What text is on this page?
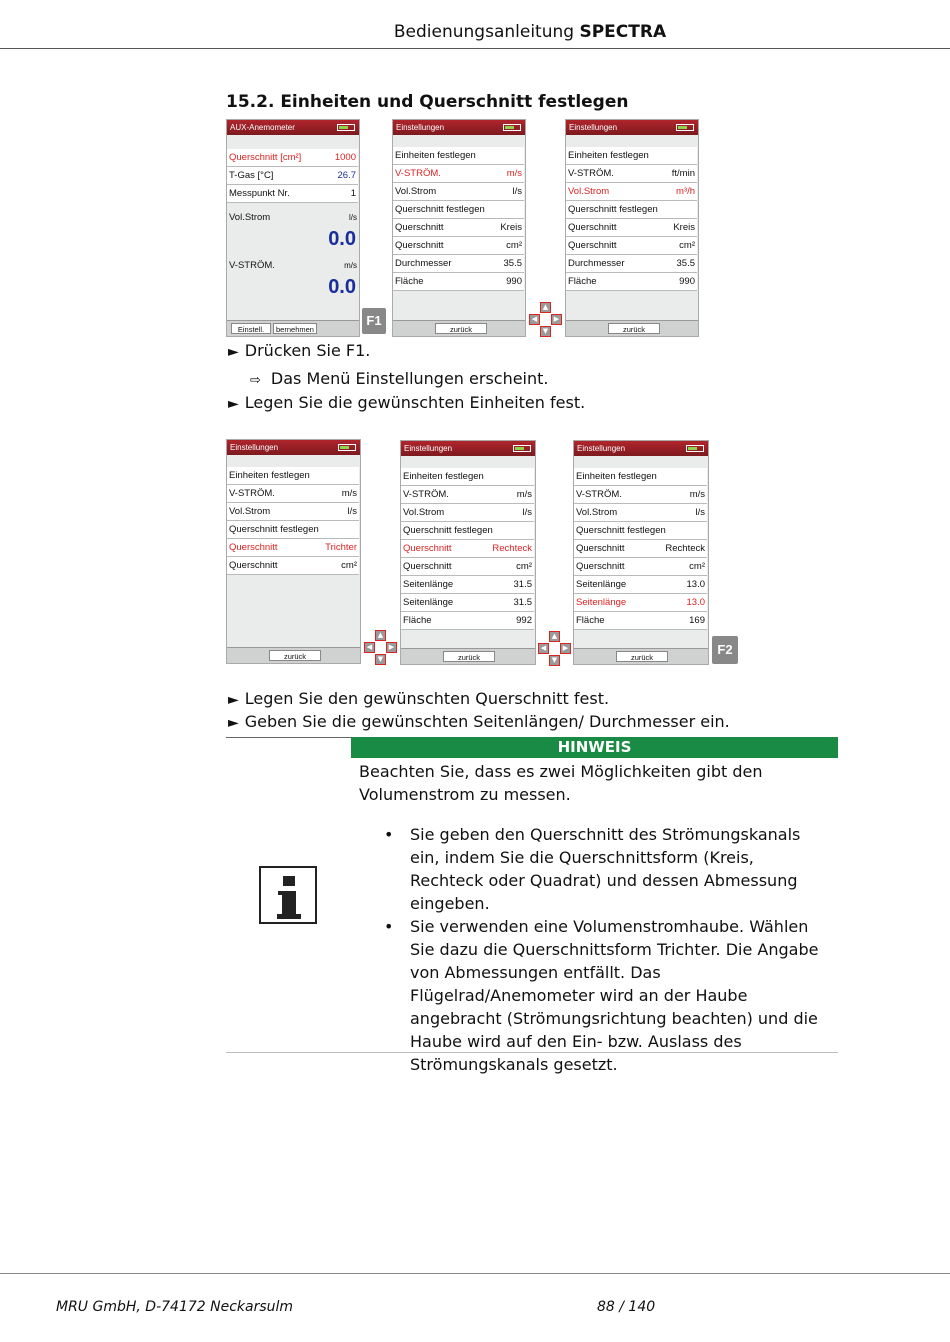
Bedienungsanleitung SPECTRA
15.2. Einheiten und Querschnitt festlegen
AUX-Anemometer
Querschnitt [cm²]	1000
T-Gas [°C]	26.7
Messpunkt Nr.	1
Vol.Strom	l/s
0.0
V-STRÖM.	m/s
0.0
Einstell.	bernehmen
F1
Einstellungen
Einheiten festlegen
V-STRÖM.	m/s
Vol.Strom	l/s
Querschnitt festlegen
Querschnitt	Kreis
Querschnitt	cm²
Durchmesser	35.5
Fläche	990
zurück
▲
◀	▶
▼
Einstellungen
Einheiten festlegen
V-STRÖM.	ft/min
Vol.Strom	m³/h
Querschnitt festlegen
Querschnitt	Kreis
Querschnitt	cm²
Durchmesser	35.5
Fläche	990
zurück
► Drücken Sie F1.
⇨ Das Menü Einstellungen erscheint.
► Legen Sie die gewünschten Einheiten fest.
Einstellungen
Einheiten festlegen
V-STRÖM.	m/s
Vol.Strom	l/s
Querschnitt festlegen
Querschnitt	Trichter
Querschnitt	cm²
zurück
▲
◀	▶
▼
Einstellungen
Einheiten festlegen
V-STRÖM.	m/s
Vol.Strom	l/s
Querschnitt festlegen
Querschnitt	Rechteck
Querschnitt	cm²
Seitenlänge	31.5
Seitenlänge	31.5
Fläche	992
zurück
▲
◀	▶
▼
Einstellungen
Einheiten festlegen
V-STRÖM.	m/s
Vol.Strom	l/s
Querschnitt festlegen
Querschnitt	Rechteck
Querschnitt	cm²
Seitenlänge	13.0
Seitenlänge	13.0
Fläche	169
zurück
F2
► Legen Sie den gewünschten Querschnitt fest.
► Geben Sie die gewünschten Seitenlängen/ Durchmesser ein.
HINWEIS
Beachten Sie, dass es zwei Möglichkeiten gibt den Volumenstrom zu messen.
• Sie geben den Querschnitt des Strömungskanals ein, indem Sie die Querschnittsform (Kreis, Rechteck oder Quadrat) und dessen Abmessung eingeben.
• Sie verwenden eine Volumenstromhaube. Wählen Sie dazu die Querschnittsform Trichter. Die Angabe von Abmessungen entfällt. Das Flügelrad/Anemometer wird an der Haube angebracht (Strömungsrichtung beachten) und die Haube wird auf den Ein- bzw. Auslass des Strömungskanals gesetzt.
MRU GmbH, D-74172 Neckarsulm	88 / 140
